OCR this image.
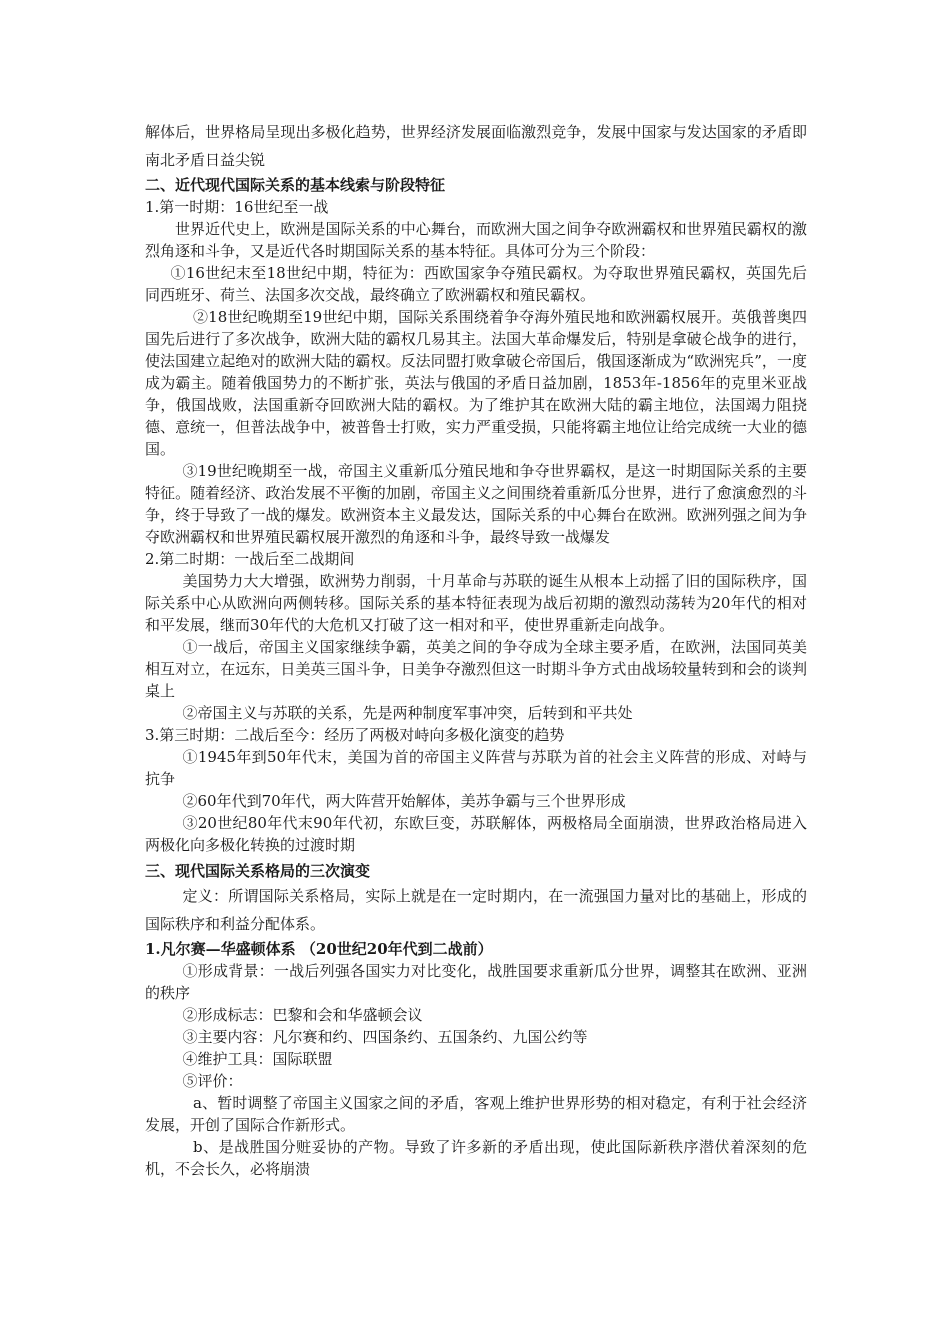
解体后，世界格局呈现出多极化趋势，世界经济发展面临激烈竞争，发展中国家与发达国家的矛盾即南北矛盾日益尖锐

二、近代现代国际关系的基本线索与阶段特征

1.第一时期：16世纪至一战

世界近代史上，欧洲是国际关系的中心舞台，而欧洲大国之间争夺欧洲霸权和世界殖民霸权的激烈角逐和斗争，又是近代各时期国际关系的基本特征。具体可分为三个阶段：

①16世纪末至18世纪中期，特征为：西欧国家争夺殖民霸权。为夺取世界殖民霸权，英国先后同西班牙、荷兰、法国多次交战，最终确立了欧洲霸权和殖民霸权。

②18世纪晚期至19世纪中期，国际关系围绕着争夺海外殖民地和欧洲霸权展开。英俄普奥四国先后进行了多次战争，欧洲大陆的霸权几易其主。法国大革命爆发后，特别是拿破仑战争的进行，使法国建立起绝对的欧洲大陆的霸权。反法同盟打败拿破仑帝国后，俄国逐渐成为“欧洲宪兵”，一度成为霸主。随着俄国势力的不断扩张，英法与俄国的矛盾日益加剧，1853年-1856年的克里米亚战争，俄国战败，法国重新夺回欧洲大陆的霸权。为了维护其在欧洲大陆的霸主地位，法国竭力阻挠德、意统一，但普法战争中，被普鲁士打败，实力严重受损，只能将霸主地位让给完成统一大业的德国。

③19世纪晚期至一战，帝国主义重新瓜分殖民地和争夺世界霸权，是这一时期国际关系的主要特征。随着经济、政治发展不平衡的加剧，帝国主义之间围绕着重新瓜分世界，进行了愈演愈烈的斗争，终于导致了一战的爆发。欧洲资本主义最发达，国际关系的中心舞台在欧洲。欧洲列强之间为争夺欧洲霸权和世界殖民霸权展开激烈的角逐和斗争，最终导致一战爆发

2.第二时期：一战后至二战期间

美国势力大大增强，欧洲势力削弱，十月革命与苏联的诞生从根本上动摇了旧的国际秩序，国际关系中心从欧洲向两侧转移。国际关系的基本特征表现为战后初期的激烈动荡转为20年代的相对和平发展，继而30年代的大危机又打破了这一相对和平，使世界重新走向战争。

①一战后，帝国主义国家继续争霸，英美之间的争夺成为全球主要矛盾，在欧洲，法国同英美相互对立，在远东，日美英三国斗争，日美争夺激烈但这一时期斗争方式由战场较量转到和会的谈判桌上

②帝国主义与苏联的关系，先是两种制度军事冲突，后转到和平共处

3.第三时期：二战后至今：经历了两极对峙向多极化演变的趋势

①1945年到50年代末，美国为首的帝国主义阵营与苏联为首的社会主义阵营的形成、对峙与抗争

②60年代到70年代，两大阵营开始解体，美苏争霸与三个世界形成

③20世纪80年代末90年代初，东欧巨变，苏联解体，两极格局全面崩溃，世界政治格局进入两极化向多极化转换的过渡时期

三、现代国际关系格局的三次演变

定义：所谓国际关系格局，实际上就是在一定时期内，在一流强国力量对比的基础上，形成的国际秩序和利益分配体系。

1.凡尔赛—华盛顿体系 （20世纪20年代到二战前）

①形成背景：一战后列强各国实力对比变化，战胜国要求重新瓜分世界，调整其在欧洲、亚洲的秩序

②形成标志：巴黎和会和华盛顿会议

③主要内容：凡尔赛和约、四国条约、五国条约、九国公约等

④维护工具：国际联盟

⑤评价：

a、暂时调整了帝国主义国家之间的矛盾，客观上维护世界形势的相对稳定，有利于社会经济发展，开创了国际合作新形式。

b、是战胜国分赃妥协的产物。导致了许多新的矛盾出现，使此国际新秩序潜伏着深刻的危机，不会长久，必将崩溃
